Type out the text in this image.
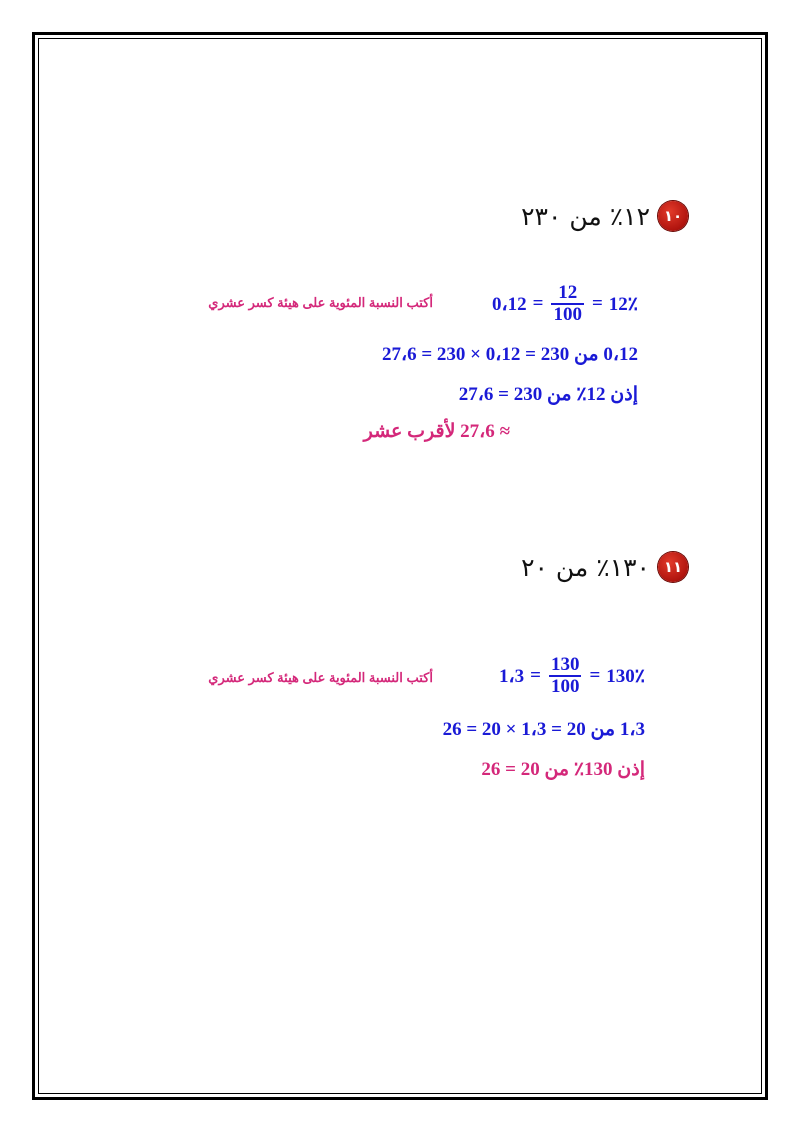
١٠
١٢٪ من ٢٣٠
12٪
=
$\frac{12}{100}$
=
0،12
أكتب النسبة المئوية على هيئة كسر عشري
0،12 من 230 = 0،12 × 230 = 27،6
إذن 12٪ من 230 = 27،6
≈ 27،6 لأقرب عشر
١١
١٣٠٪ من ٢٠
130٪
=
$\frac{130}{100}$
=
1،3
أكتب النسبة المئوية على هيئة كسر عشري
1،3 من 20 = 1،3 × 20 = 26
إذن 130٪ من 20 = 26
